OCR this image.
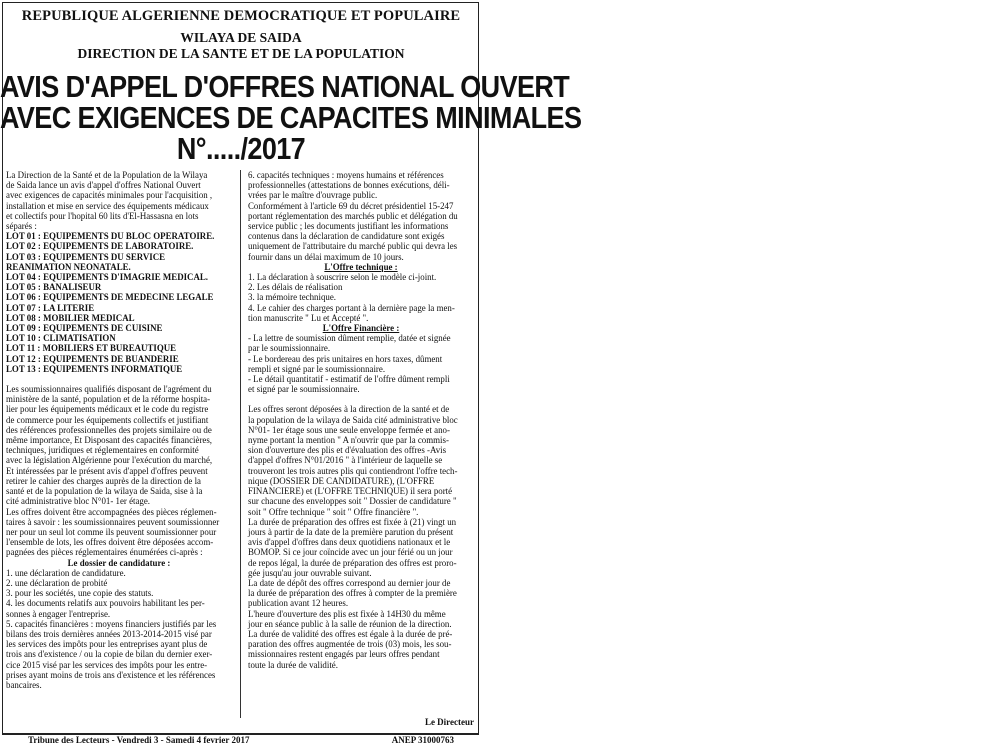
REPUBLIQUE ALGERIENNE DEMOCRATIQUE ET POPULAIRE
WILAYA DE SAIDA
DIRECTION DE LA SANTE ET DE LA POPULATION
AVIS D'APPEL D'OFFRES NATIONAL OUVERT
AVEC EXIGENCES DE CAPACITES MINIMALES
N°...../2017

La Direction de la Santé et de la Population de la Wilaya

de Saida lance un avis d'appel d'offres National Ouvert

avec exigences de capacités minimales pour l'acquisition ,

installation et mise en service des équipements médicaux

et collectifs pour l'hopital 60 lits d'El-Hassasna en lots

séparés :

LOT 01 : EQUIPEMENTS DU BLOC OPERATOIRE.

LOT 02 : EQUIPEMENTS DE LABORATOIRE.

LOT 03 : EQUIPEMENTS DU SERVICE

REANIMATION NEONATALE.

LOT 04 : EQUIPEMENTS D'IMAGRIE MEDICAL.

LOT 05 : BANALISEUR

LOT 06 : EQUIPEMENTS DE MEDECINE LEGALE

LOT 07 : LA LITERIE

LOT 08 : MOBILIER MEDICAL

LOT 09 : EQUIPEMENTS DE CUISINE

LOT 10 : CLIMATISATION

LOT 11 : MOBILIERS ET BUREAUTIQUE

LOT 12 : EQUIPEMENTS DE BUANDERIE

LOT 13 : EQUIPEMENTS INFORMATIQUE

Les soumissionnaires qualifiés disposant de l'agrément du

ministère de la santé, population et de la réforme hospita-

lier pour les équipements médicaux et le code du registre

de commerce pour les équipements collectifs et justifiant

des références professionnelles des projets similaire ou de

même importance, Et Disposant des capacités financières,

techniques, juridiques et réglementaires en conformité

avec la législation Algérienne pour l'exécution du marché,

Et intéressées par le présent avis d'appel d'offres peuvent

retirer le cahier des charges auprès de la direction de la

santé et de la population de la wilaya de Saida, sise à la

cité administrative bloc N°01- 1er étage.

Les offres doivent être accompagnées des pièces réglemen-

taires à savoir : les soumissionnaires peuvent soumissionner

ner pour un seul lot comme ils peuvent soumissionner pour

l'ensemble de lots, les offres doivent être déposées accom-

pagnées des pièces réglementaires énumérées ci-après :

Le dossier de candidature :

1. une déclaration de candidature.

2. une déclaration de probité

3. pour les sociétés, une copie des statuts.

4. les documents relatifs aux pouvoirs habilitant les per-

sonnes à engager l'entreprise.

5. capacités financières : moyens financiers justifiés par les

bilans des trois dernières années 2013-2014-2015 visé par

les services des impôts pour les entreprises ayant plus de

trois ans d'existence / ou la copie de bilan du dernier exer-

cice 2015 visé par les services des impôts pour les entre-

prises ayant moins de trois ans d'existence et les références

bancaires.

6. capacités techniques : moyens humains et références

professionnelles (attestations de bonnes exécutions, déli-

vrées par le maître d'ouvrage public.

Conformément à l'article 69 du décret présidentiel 15-247

portant réglementation des marchés public et délégation du

service public ; les documents justifiant les informations

contenus dans la déclaration de candidature sont exigés

uniquement de l'attributaire du marché public qui devra les

fournir dans un délai maximum de 10 jours.

L'Offre technique :

1. La déclaration à souscrire selon le modèle ci-joint.

2. Les délais de réalisation

3. la mémoire technique.

4. Le cahier des charges portant à la dernière page la men-

tion manuscrite " Lu et Accepté ".

L'Offre Financière :

- La lettre de soumission dûment remplie, datée et signée

par le soumissionnaire.

- Le bordereau des pris unitaires en hors taxes, dûment

rempli et signé par le soumissionnaire.

- Le détail quantitatif - estimatif de l'offre dûment rempli

et signé par le soumissionnaire.

Les offres seront déposées à la direction de la santé et de

la population de la wilaya de Saida cité administrative bloc

N°01- 1er étage sous une seule enveloppe fermée et ano-

nyme portant la mention " A n'ouvrir que par la commis-

sion d'ouverture des plis et d'évaluation des offres -Avis

d'appel d'offres N°01/2016 " à l'intérieur de laquelle se

trouveront les trois autres plis qui contiendront l'offre tech-

nique (DOSSIER DE CANDIDATURE), (L'OFFRE

FINANCIERE) et (L'OFFRE TECHNIQUE) il sera porté

sur chacune des enveloppes soit " Dossier de candidature "

soit " Offre technique " soit " Offre financière ".

La durée de préparation des offres est fixée à (21) vingt un

jours à partir de la date de la première parution du présent

avis d'appel d'offres dans deux quotidiens nationaux et le

BOMOP. Si ce jour coïncide avec un jour férié ou un jour

de repos légal, la durée de préparation des offres est proro-

gée jusqu'au jour ouvrable suivant.

La date de dépôt des offres correspond au dernier jour de

la durée de préparation des offres à compter de la première

publication avant 12 heures.

L'heure d'ouverture des plis est fixée à 14H30 du même

jour en séance public à la salle de réunion de la direction.

La durée de validité des offres est égale à la durée de pré-

paration des offres augmentée de trois (03) mois, les sou-

missionnaires restent engagés par leurs offres pendant

toute la durée de validité.

Le Directeur
Tribune des Lecteurs - Vendredi 3 - Samedi 4 fevrier 2017	ANEP 31000763
